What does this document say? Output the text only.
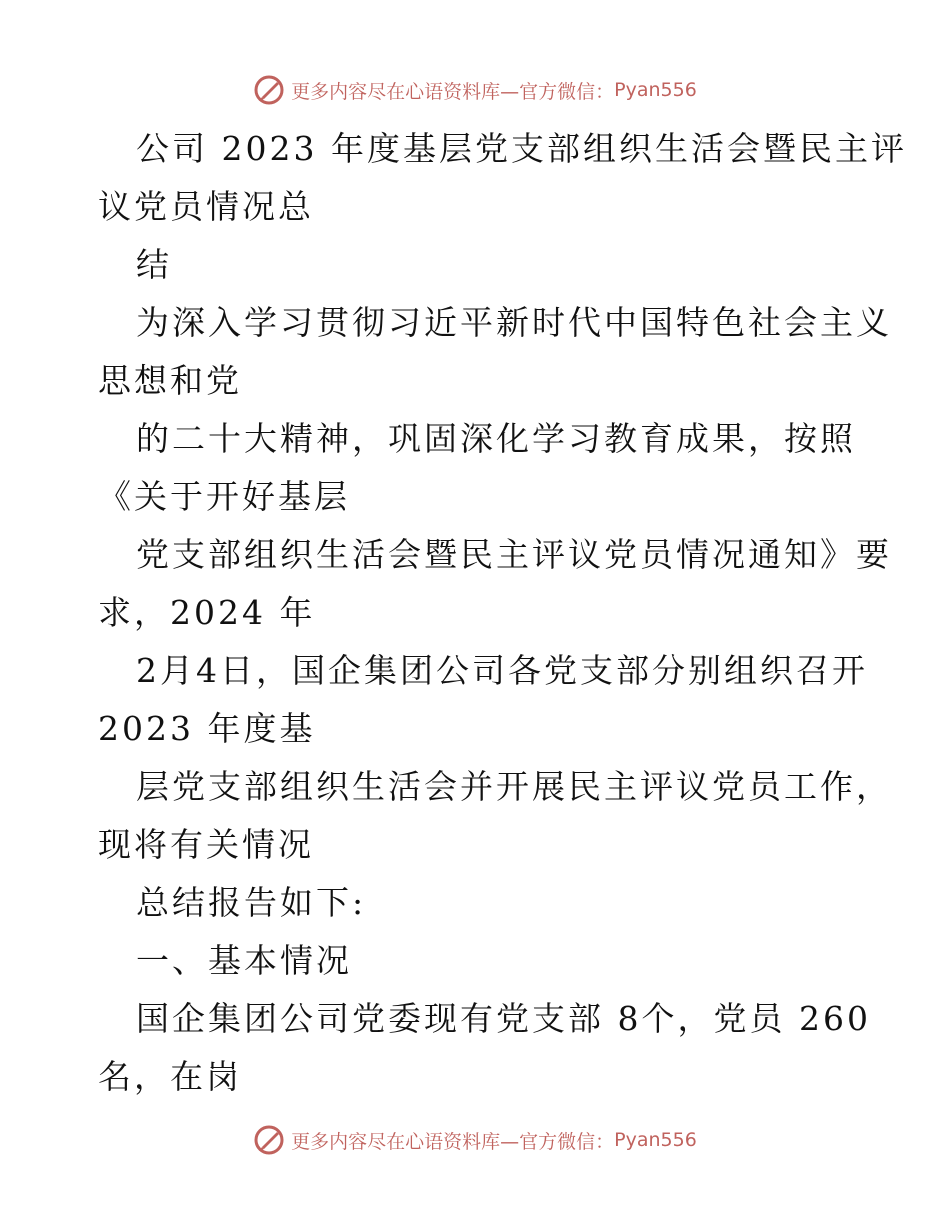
更多内容尽在心语资料库—官方微信： Pyan556
公司 2023 年度基层党支部组织生活会暨民主评
议党员情况总
结
为深入学习贯彻习近平新时代中国特色社会主义
思想和党
的二十大精神，巩固深化学习教育成果，按照
《关于开好基层
党支部组织生活会暨民主评议党员情况通知》要
求，2024 年
2月4日，国企集团公司各党支部分别组织召开
2023 年度基
层党支部组织生活会并开展民主评议党员工作，
现将有关情况
总结报告如下:
一、基本情况
国企集团公司党委现有党支部 8个，党员 260
名，在岗
更多内容尽在心语资料库—官方微信： Pyan556
